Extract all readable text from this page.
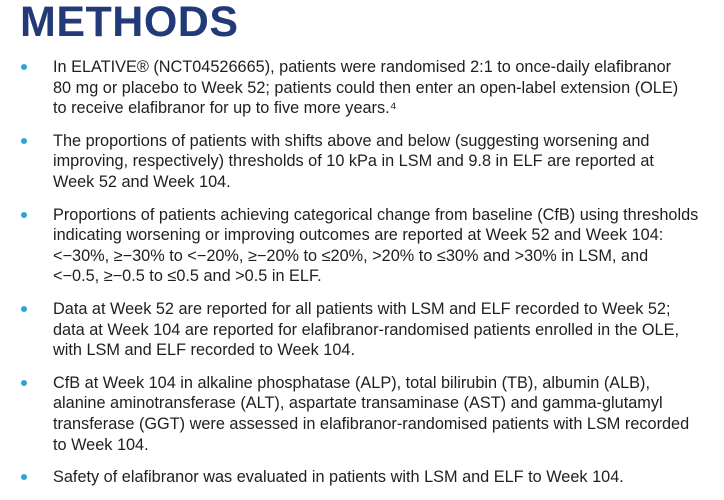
METHODS
In ELATIVE® (NCT04526665), patients were randomised 2:1 to once-daily elafibranor
80 mg or placebo to Week 52; patients could then enter an open-label extension (OLE)
to receive elafibranor for up to five more years.⁴
The proportions of patients with shifts above and below (suggesting worsening and
improving, respectively) thresholds of 10 kPa in LSM and 9.8 in ELF are reported at
Week 52 and Week 104.
Proportions of patients achieving categorical change from baseline (CfB) using thresholds
indicating worsening or improving outcomes are reported at Week 52 and Week 104:
<−30%, ≥−30% to <−20%, ≥−20% to ≤20%, >20% to ≤30% and >30% in LSM, and
<−0.5, ≥−0.5 to ≤0.5 and >0.5 in ELF.
Data at Week 52 are reported for all patients with LSM and ELF recorded to Week 52;
data at Week 104 are reported for elafibranor-randomised patients enrolled in the OLE,
with LSM and ELF recorded to Week 104.
CfB at Week 104 in alkaline phosphatase (ALP), total bilirubin (TB), albumin (ALB),
alanine aminotransferase (ALT), aspartate transaminase (AST) and gamma-glutamyl
transferase (GGT) were assessed in elafibranor-randomised patients with LSM recorded
to Week 104.
Safety of elafibranor was evaluated in patients with LSM and ELF to Week 104.
